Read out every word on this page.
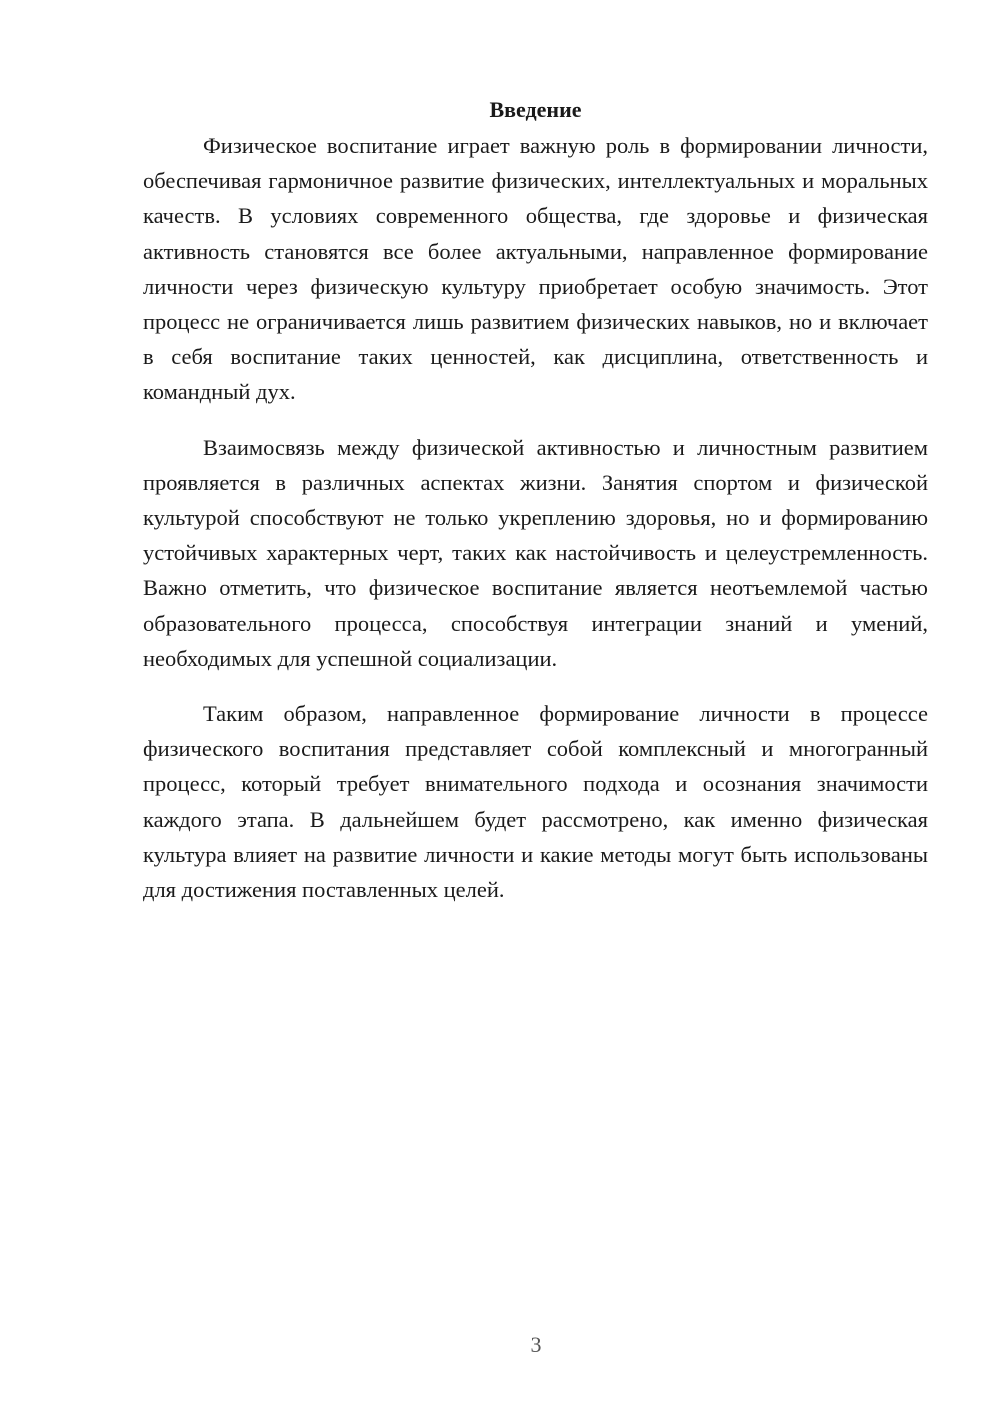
Введение

Физическое воспитание играет важную роль в формировании личности, обеспечивая гармоничное развитие физических, интеллектуальных и моральных качеств. В условиях современного общества, где здоровье и физическая активность становятся все более актуальными, направленное формирование личности через физическую культуру приобретает особую значимость. Этот процесс не ограничивается лишь развитием физических навыков, но и включает в себя воспитание таких ценностей, как дисциплина, ответственность и командный дух.

Взаимосвязь между физической активностью и личностным развитием проявляется в различных аспектах жизни. Занятия спортом и физической культурой способствуют не только укреплению здоровья, но и формированию устойчивых характерных черт, таких как настойчивость и целеустремленность. Важно отметить, что физическое воспитание является неотъемлемой частью образовательного процесса, способствуя интеграции знаний и умений, необходимых для успешной социализации.

Таким образом, направленное формирование личности в процессе физического воспитания представляет собой комплексный и многогранный процесс, который требует внимательного подхода и осознания значимости каждого этапа. В дальнейшем будет рассмотрено, как именно физическая культура влияет на развитие личности и какие методы могут быть использованы для достижения поставленных целей.

3
